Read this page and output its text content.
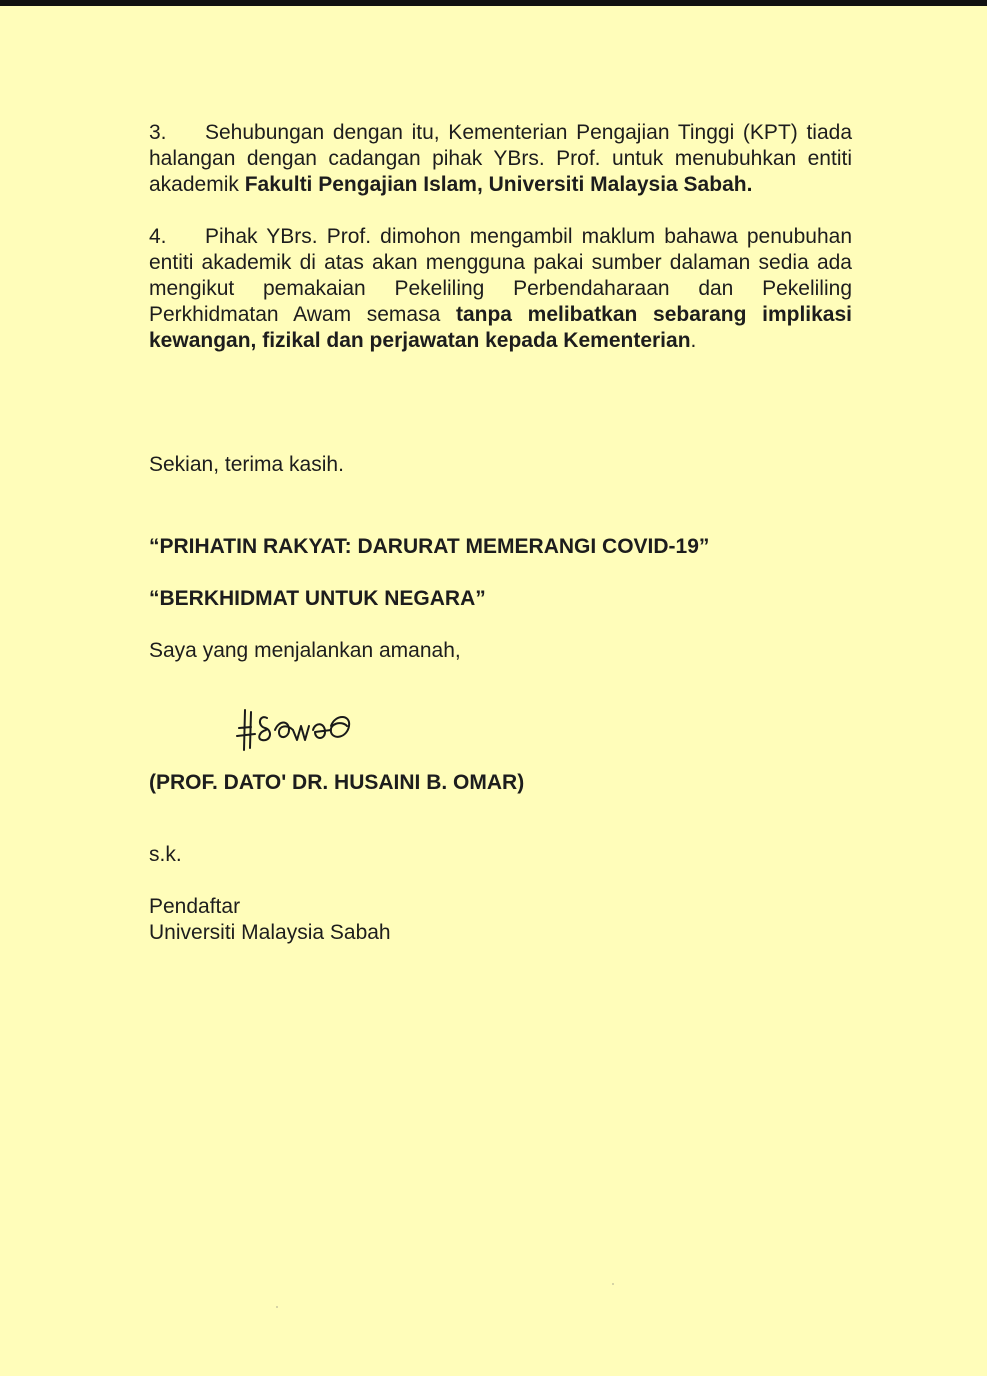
3. Sehubungan dengan itu, Kementerian Pengajian Tinggi (KPT) tiada halangan dengan cadangan pihak YBrs. Prof. untuk menubuhkan entiti akademik Fakulti Pengajian Islam, Universiti Malaysia Sabah.

4. Pihak YBrs. Prof. dimohon mengambil maklum bahawa penubuhan entiti akademik di atas akan mengguna pakai sumber dalaman sedia ada mengikut pemakaian Pekeliling Perbendaharaan dan Pekeliling Perkhidmatan Awam semasa tanpa melibatkan sebarang implikasi kewangan, fizikal dan perjawatan kepada Kementerian.

Sekian, terima kasih.

“PRIHATIN RAKYAT: DARURAT MEMERANGI COVID-19”

“BERKHIDMAT UNTUK NEGARA”

Saya yang menjalankan amanah,

(PROF. DATO' DR. HUSAINI B. OMAR)

s.k.

Pendaftar

Universiti Malaysia Sabah
